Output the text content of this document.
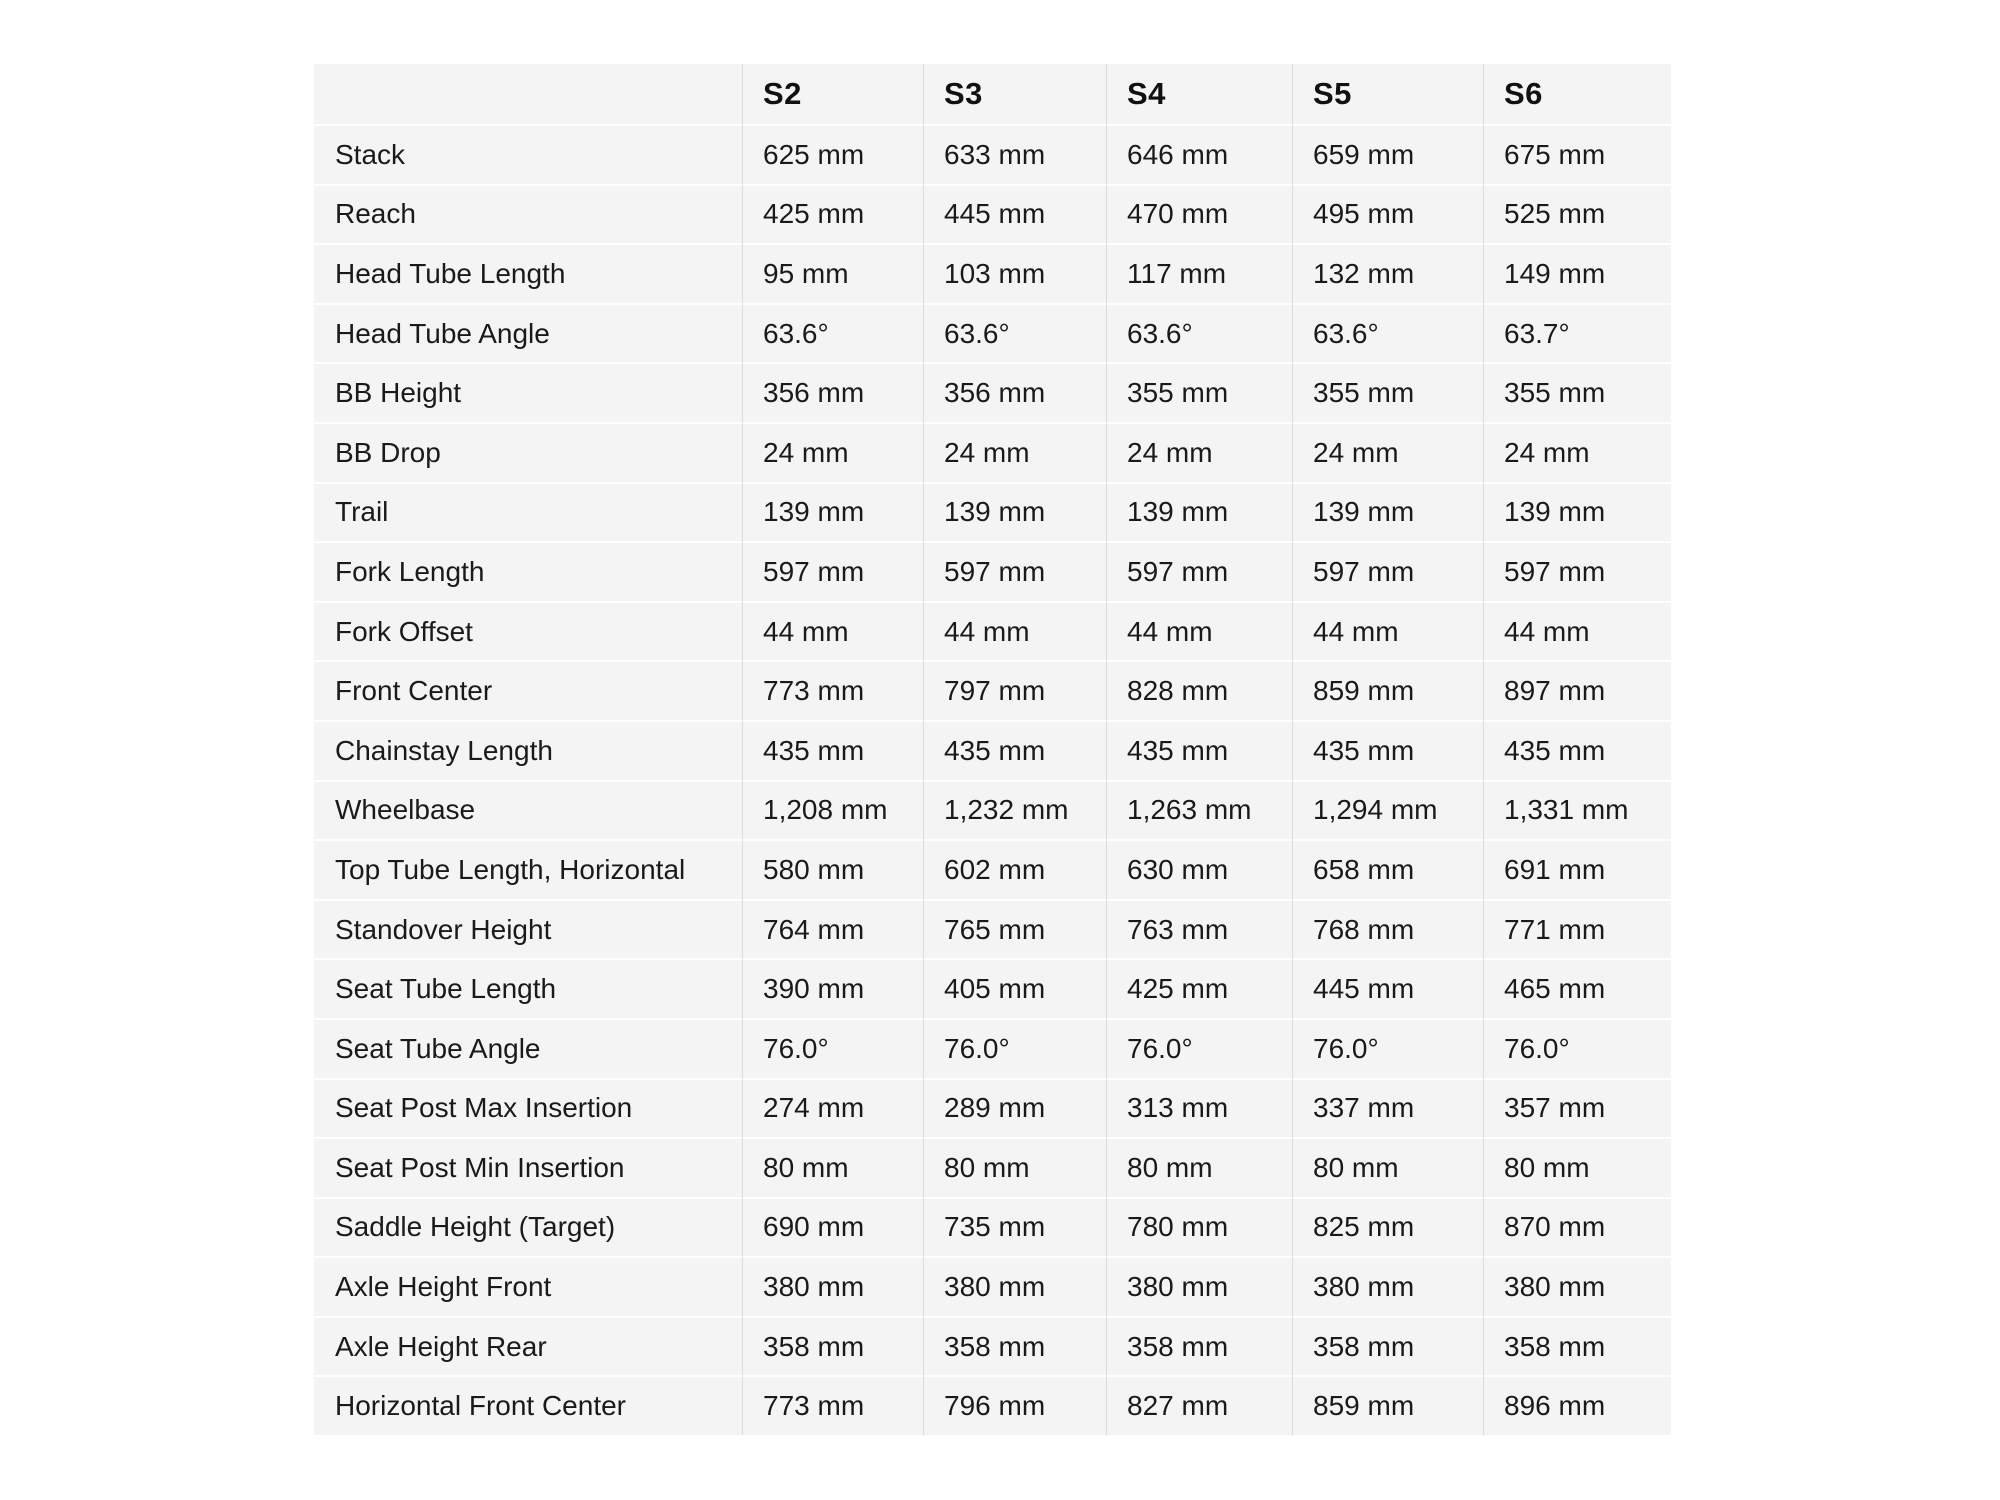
	S2	S3	S4	S5	S6
Stack	625 mm	633 mm	646 mm	659 mm	675 mm
Reach	425 mm	445 mm	470 mm	495 mm	525 mm
Head Tube Length	95 mm	103 mm	117 mm	132 mm	149 mm
Head Tube Angle	63.6°	63.6°	63.6°	63.6°	63.7°
BB Height	356 mm	356 mm	355 mm	355 mm	355 mm
BB Drop	24 mm	24 mm	24 mm	24 mm	24 mm
Trail	139 mm	139 mm	139 mm	139 mm	139 mm
Fork Length	597 mm	597 mm	597 mm	597 mm	597 mm
Fork Offset	44 mm	44 mm	44 mm	44 mm	44 mm
Front Center	773 mm	797 mm	828 mm	859 mm	897 mm
Chainstay Length	435 mm	435 mm	435 mm	435 mm	435 mm
Wheelbase	1,208 mm	1,232 mm	1,263 mm	1,294 mm	1,331 mm
Top Tube Length, Horizontal	580 mm	602 mm	630 mm	658 mm	691 mm
Standover Height	764 mm	765 mm	763 mm	768 mm	771 mm
Seat Tube Length	390 mm	405 mm	425 mm	445 mm	465 mm
Seat Tube Angle	76.0°	76.0°	76.0°	76.0°	76.0°
Seat Post Max Insertion	274 mm	289 mm	313 mm	337 mm	357 mm
Seat Post Min Insertion	80 mm	80 mm	80 mm	80 mm	80 mm
Saddle Height (Target)	690 mm	735 mm	780 mm	825 mm	870 mm
Axle Height Front	380 mm	380 mm	380 mm	380 mm	380 mm
Axle Height Rear	358 mm	358 mm	358 mm	358 mm	358 mm
Horizontal Front Center	773 mm	796 mm	827 mm	859 mm	896 mm
